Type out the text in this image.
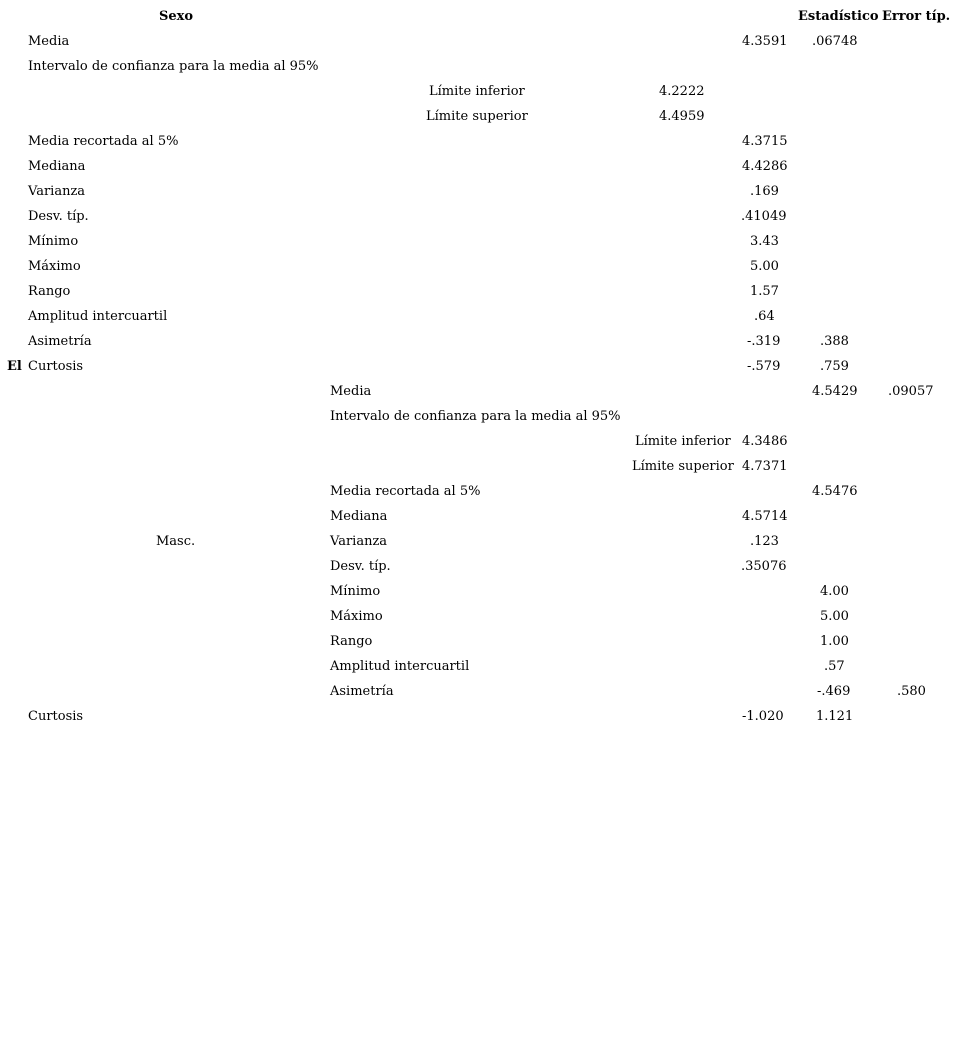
Sexo	Estadístico Error típ.
Media	4.3591 .06748
Intervalo de confianza para la media al 95%
Límite inferior	4.2222
Límite superior	4.4959
Media recortada al 5%	4.3715
Mediana	4.4286
Varianza	.169
Desv. típ.	.41049
Mínimo	3.43
Máximo	5.00
Rango	1.57
Amplitud intercuartil	.64
Asimetría	-.319	.388
El Curtosis	-.579	.759
Media	4.5429 .09057
Intervalo de confianza para la media al 95%
Límite inferior 4.3486
Límite superior 4.7371
Media recortada al 5%	4.5476
Mediana	4.5714
Masc.	Varianza	.123
Desv. típ.	.35076
Mínimo	4.00
Máximo	5.00
Rango	1.00
Amplitud intercuartil	.57
Asimetría	-.469	.580
Curtosis	-1.020 1.121
